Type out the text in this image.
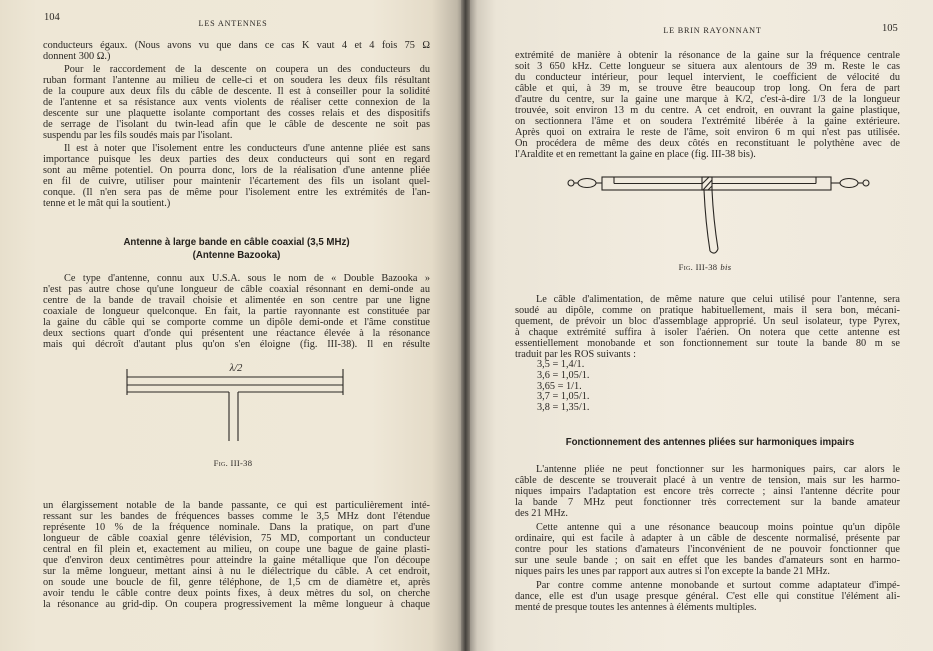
104
LES ANTENNES
conducteurs égaux. (Nous avons vu que dans ce cas K vaut 4 et 4 fois 75 Ω
donnent 300 Ω.)
Pour le raccordement de la descente on coupera un des conducteurs du
ruban formant l'antenne au milieu de celle-ci et on soudera les deux fils résultant
de la coupure aux deux fils du câble de descente. Il est à conseiller pour la solidité
de l'antenne et sa résistance aux vents violents de réaliser cette connexion de la
descente sur une plaquette isolante comportant des cosses relais et des dispositifs
de serrage de l'isolant du twin-lead afin que le câble de descente ne soit pas
suspendu par les fils soudés mais par l'isolant.
Il est à noter que l'isolement entre les conducteurs d'une antenne pliée est sans
importance puisque les deux parties des deux conducteurs qui sont en regard
sont au même potentiel. On pourra donc, lors de la réalisation d'une antenne pliée
en fil de cuivre, utiliser pour maintenir l'écartement des fils un isolant quel-
conque. (Il n'en sera pas de même pour l'isolement entre les extrémités de l'an-
tenne et le mât qui la soutient.)
Antenne à large bande en câble coaxial (3,5 MHz)
(Antenne Bazooka)
Ce type d'antenne, connu aux U.S.A. sous le nom de « Double Bazooka »
n'est pas autre chose qu'une longueur de câble coaxial résonnant en demi-onde au
centre de la bande de travail choisie et alimentée en son centre par une ligne
coaxiale de longueur quelconque. En fait, la partie rayonnante est constituée par
la gaine du câble qui se comporte comme un dipôle demi-onde et l'âme constitue
deux sections quart d'onde qui présentent une réactance élevée à la résonance
mais qui décroît d'autant plus qu'on s'en éloigne (fig. III-38). Il en résulte
λ/2
Fig. III-38
un élargissement notable de la bande passante, ce qui est particulièrement inté-
ressant sur les bandes de fréquences basses comme le 3,5 MHz dont l'étendue
représente 10 % de la fréquence nominale. Dans la pratique, on part d'une
longueur de câble coaxial genre télévision, 75 MD, comportant un conducteur
central en fil plein et, exactement au milieu, on coupe une bague de gaine plasti-
que d'environ deux centimètres pour atteindre la gaine métallique que l'on découpe
sur la même longueur, mettant ainsi à nu le diélectrique du câble. A cet endroit,
on soude une boucle de fil, genre téléphone, de 1,5 cm de diamètre et, après
avoir tendu le câble contre deux points fixes, à deux mètres du sol, on cherche
la résonance au grid-dip. On coupera progressivement la même longueur à chaque
LE BRIN RAYONNANT	105
extrémité de manière à obtenir la résonance de la gaine sur la fréquence centrale
soit 3 650 kHz. Cette longueur se situera aux alentours de 39 m. Reste le cas
du conducteur intérieur, pour lequel intervient, le coefficient de vélocité du
câble et qui, à 39 m, se trouve être beaucoup trop long. On fera de part
d'autre du centre, sur la gaine une marque à K/2, c'est-à-dire 1/3 de la longueur
trouvée, soit environ 13 m du centre. A cet endroit, en ouvrant la gaine plastique,
on sectionnera l'âme et on soudera l'extrémité libérée à la gaine extérieure.
Après quoi on extraira le reste de l'âme, soit environ 6 m qui n'est pas utilisée.
On procédera de même des deux côtés en reconstituant le polythène avec de
l'Araldite et en remettant la gaine en place (fig. III-38 bis).
Fig. III-38 bis
Le câble d'alimentation, de même nature que celui utilisé pour l'antenne, sera
soudé au dipôle, comme on pratique habituellement, mais il sera bon, mécani-
quement, de prévoir un bloc d'assemblage approprié. Un seul isolateur, type Pyrex,
à chaque extrémité suffira à isoler l'aérien. On notera que cette antenne est
essentiellement monobande et son fonctionnement sur toute la bande 80 m se
traduit par les ROS suivants :
3,5 = 1,4/1.
3,6 = 1,05/1.
3,65 = 1/1.
3,7 = 1,05/1.
3,8 = 1,35/1.
Fonctionnement des antennes pliées sur harmoniques impairs
L'antenne pliée ne peut fonctionner sur les harmoniques pairs, car alors le
câble de descente se trouverait placé à un ventre de tension, mais sur les harmo-
niques impairs l'adaptation est encore très correcte ; ainsi l'antenne décrite pour
la bande 7 MHz peut fonctionner très correctement sur la bande amateur
des 21 MHz.
Cette antenne qui a une résonance beaucoup moins pointue qu'un dipôle
ordinaire, qui est facile à adapter à un câble de descente normalisé, présente par
contre pour les stations d'amateurs l'inconvénient de ne pouvoir fonctionner que
sur une seule bande ; on sait en effet que les bandes d'amateurs sont en harmo-
niques pairs les unes par rapport aux autres si l'on excepte la bande 21 MHz.
Par contre comme antenne monobande et surtout comme adaptateur d'impé-
dance, elle est d'un usage presque général. C'est elle qui constitue l'élément ali-
menté de presque toutes les antennes à éléments multiples.
